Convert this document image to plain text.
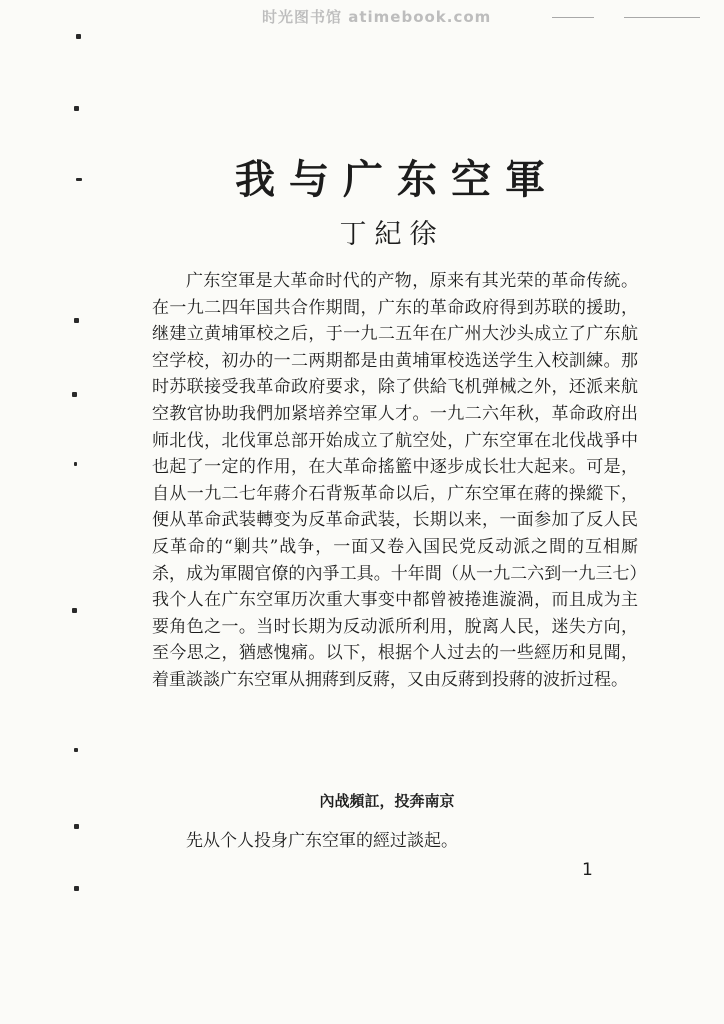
时光图书馆 atimebook.com
我与广东空軍
丁紀徐

广东空軍是大革命时代的产物，原来有其光荣的革命传統。在一九二四年国共合作期間，广东的革命政府得到苏联的援助，继建立黄埔軍校之后，于一九二五年在广州大沙头成立了广东航空学校，初办的一二两期都是由黄埔軍校选送学生入校訓練。那时苏联接受我革命政府要求，除了供給飞机弹械之外，还派来航空教官协助我們加紧培养空軍人才。一九二六年秋，革命政府出师北伐，北伐軍总部开始成立了航空处，广东空軍在北伐战爭中也起了一定的作用，在大革命搖籃中逐步成长壮大起来。可是，自从一九二七年蔣介石背叛革命以后，广东空軍在蔣的操縱下，便从革命武装轉变为反革命武装，长期以来，一面参加了反人民反革命的“剿共”战争，一面又卷入国民党反动派之間的互相厮杀，成为軍閥官僚的內爭工具。十年間（从一九二六到一九三七）我个人在广东空軍历次重大事变中都曾被捲進漩渦，而且成为主要角色之一。当时长期为反动派所利用，脫离人民，迷失方向，至今思之，猶感愧痛。以下，根据个人过去的一些經历和見聞，着重談談广东空軍从拥蔣到反蔣，又由反蔣到投蔣的波折过程。

內战頻訌，投奔南京

先从个人投身广东空軍的經过談起。

1
